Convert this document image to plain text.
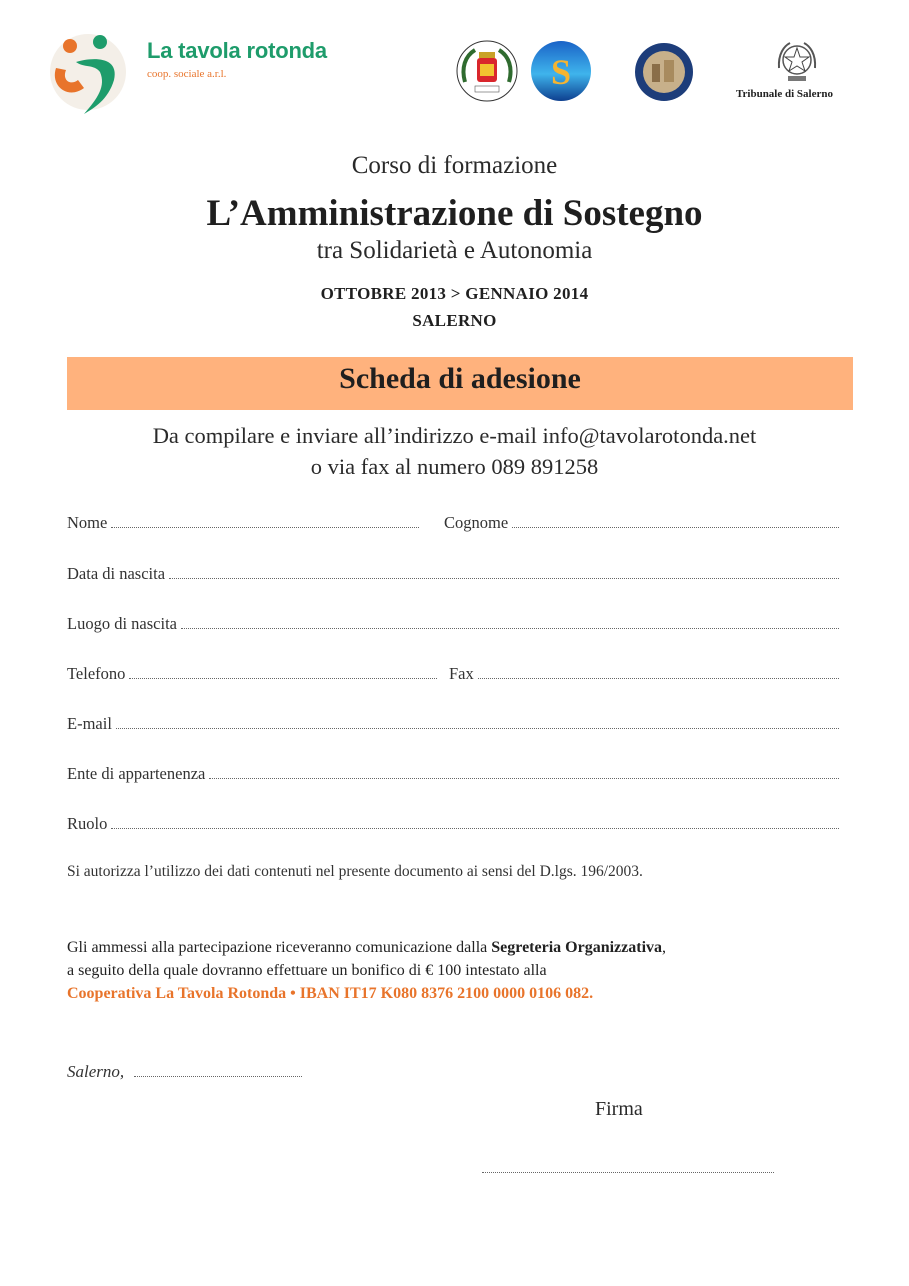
La tavola rotonda
coop. sociale a.r.l.	S
Tribunale di Salerno
Corso di formazione
L’Amministrazione di Sostegno
tra Solidarietà e Autonomia
OTTOBRE 2013 > GENNAIO 2014
SALERNO
Scheda di adesione
Da compilare e inviare all’indirizzo e-mail info@tavolarotonda.net
o via fax al numero 089 891258
Nome	Cognome
Data di nascita
Luogo di nascita
Telefono	Fax
E-mail
Ente di appartenenza
Ruolo
Si autorizza l’utilizzo dei dati contenuti nel presente documento ai sensi del D.lgs. 196/2003.
Gli ammessi alla partecipazione riceveranno comunicazione dalla Segreteria Organizzativa,
a seguito della quale dovranno effettuare un bonifico di € 100 intestato alla
Cooperativa La Tavola Rotonda • IBAN IT17 K080 8376 2100 0000 0106 082.
Salerno,
Firma
